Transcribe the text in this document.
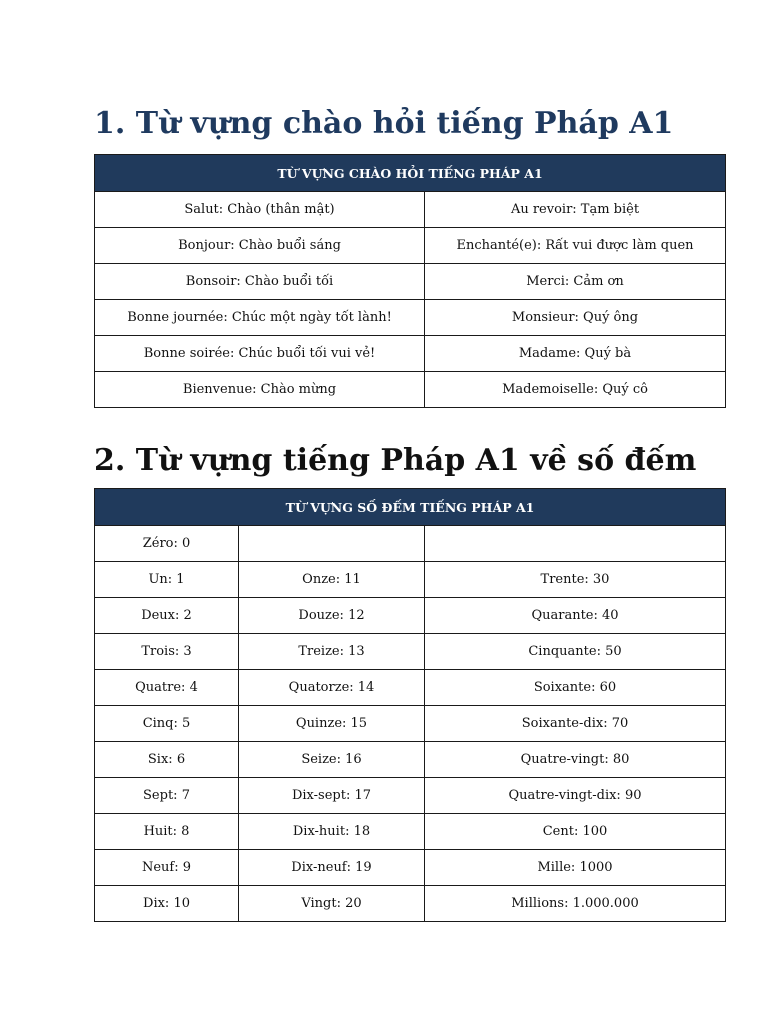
1. Từ vựng chào hỏi tiếng Pháp A1
TỪ VỰNG CHÀO HỎI TIẾNG PHÁP A1	
Salut: Chào (thân mật)	Au revoir: Tạm biệt
Bonjour: Chào buổi sáng	Enchanté(e): Rất vui được làm quen
Bonsoir: Chào buổi tối	Merci: Cảm ơn
Bonne journée: Chúc một ngày tốt lành!	Monsieur: Quý ông
Bonne soirée: Chúc buổi tối vui vẻ!	Madame: Quý bà
Bienvenue: Chào mừng	Mademoiselle: Quý cô
2. Từ vựng tiếng Pháp A1 về số đếm
TỪ VỰNG SỐ ĐẾM TIẾNG PHÁP A1		
Zéro: 0		
Un: 1	Onze: 11	Trente: 30
Deux: 2	Douze: 12	Quarante: 40
Trois: 3	Treize: 13	Cinquante: 50
Quatre: 4	Quatorze: 14	Soixante: 60
Cinq: 5	Quinze: 15	Soixante-dix: 70
Six: 6	Seize: 16	Quatre-vingt: 80
Sept: 7	Dix-sept: 17	Quatre-vingt-dix: 90
Huit: 8	Dix-huit: 18	Cent: 100
Neuf: 9	Dix-neuf: 19	Mille: 1000
Dix: 10	Vingt: 20	Millions: 1.000.000
